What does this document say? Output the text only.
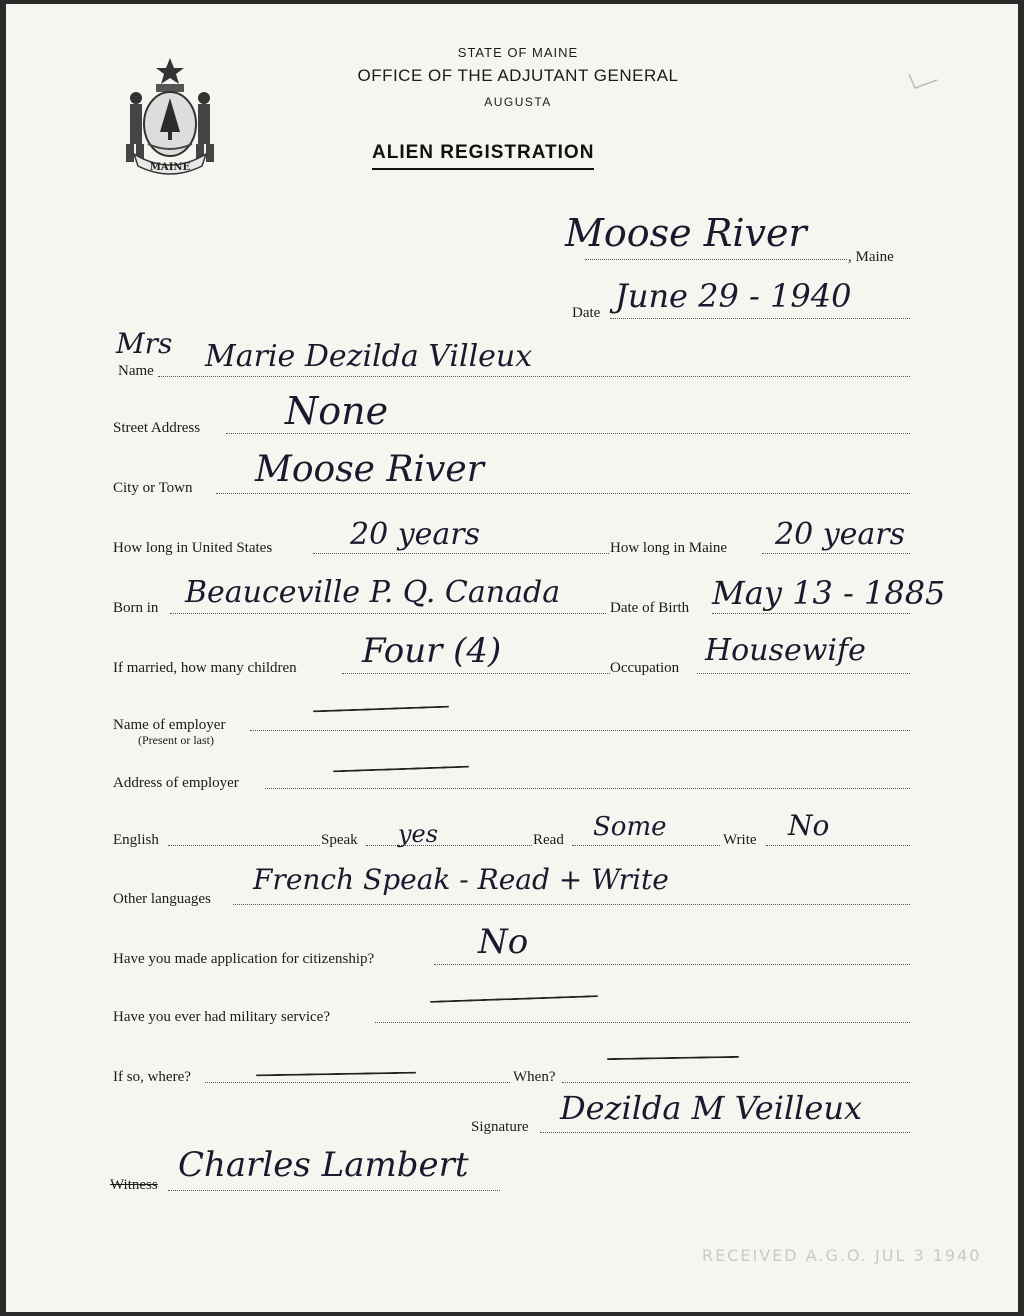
MAINE
STATE OF MAINE
OFFICE OF THE ADJUTANT GENERAL
AUGUSTA
ALIEN REGISTRATION
Moose River
, Maine
Date June 29 - 1940
Mrs
Name Marie Dezilda Villeux
Street Address None
City or Town Moose River
How long in United States	20 years	How long in Maine 20 years
Born in Beauceville P. Q. Canada	Date of Birth May 13 - 1885
If married, how many children Four (4)	Occupation Housewife
Name of employer
(Present or last)
Address of employer
English	Speak yes	Read Some	Write No
Other languages
French Speak - Read + Write
Have you made application for citizenship?	No
Have you ever had military service?
If so, where?	When?
Signature Dezilda M Veilleux
Witness Charles Lambert
RECEIVED A.G.O. JUL 3 1940
